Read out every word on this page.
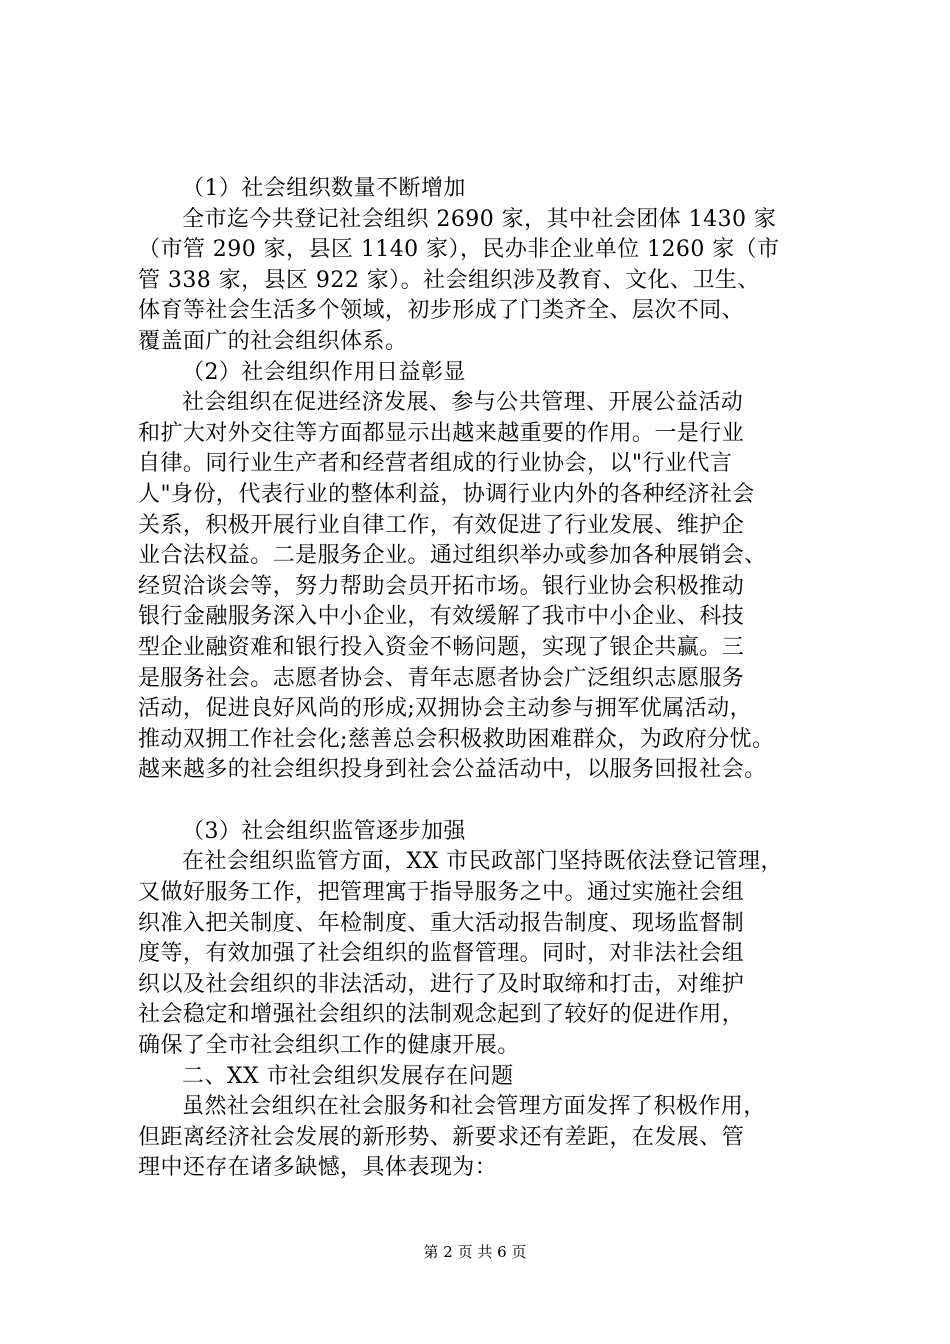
（1）社会组织数量不断增加
全市迄今共登记社会组织 2690 家，其中社会团体 1430 家
（市管 290 家，县区 1140 家），民办非企业单位 1260 家（市
管 338 家，县区 922 家）。社会组织涉及教育、文化、卫生、
体育等社会生活多个领域，初步形成了门类齐全、层次不同、
覆盖面广的社会组织体系。
（2）社会组织作用日益彰显
社会组织在促进经济发展、参与公共管理、开展公益活动
和扩大对外交往等方面都显示出越来越重要的作用。一是行业
自律。同行业生产者和经营者组成的行业协会，以"行业代言
人"身份，代表行业的整体利益，协调行业内外的各种经济社会
关系，积极开展行业自律工作，有效促进了行业发展、维护企
业合法权益。二是服务企业。通过组织举办或参加各种展销会、
经贸洽谈会等，努力帮助会员开拓市场。银行业协会积极推动
银行金融服务深入中小企业，有效缓解了我市中小企业、科技
型企业融资难和银行投入资金不畅问题，实现了银企共赢。三
是服务社会。志愿者协会、青年志愿者协会广泛组织志愿服务
活动，促进良好风尚的形成;双拥协会主动参与拥军优属活动，
推动双拥工作社会化;慈善总会积极救助困难群众，为政府分忧。
越来越多的社会组织投身到社会公益活动中，以服务回报社会。
（3）社会组织监管逐步加强
在社会组织监管方面，XX 市民政部门坚持既依法登记管理，
又做好服务工作，把管理寓于指导服务之中。通过实施社会组
织准入把关制度、年检制度、重大活动报告制度、现场监督制
度等，有效加强了社会组织的监督管理。同时，对非法社会组
织以及社会组织的非法活动，进行了及时取缔和打击，对维护
社会稳定和增强社会组织的法制观念起到了较好的促进作用，
确保了全市社会组织工作的健康开展。
二、XX 市社会组织发展存在问题
虽然社会组织在社会服务和社会管理方面发挥了积极作用，
但距离经济社会发展的新形势、新要求还有差距，在发展、管
理中还存在诸多缺憾，具体表现为：
第 2 页 共 6 页
